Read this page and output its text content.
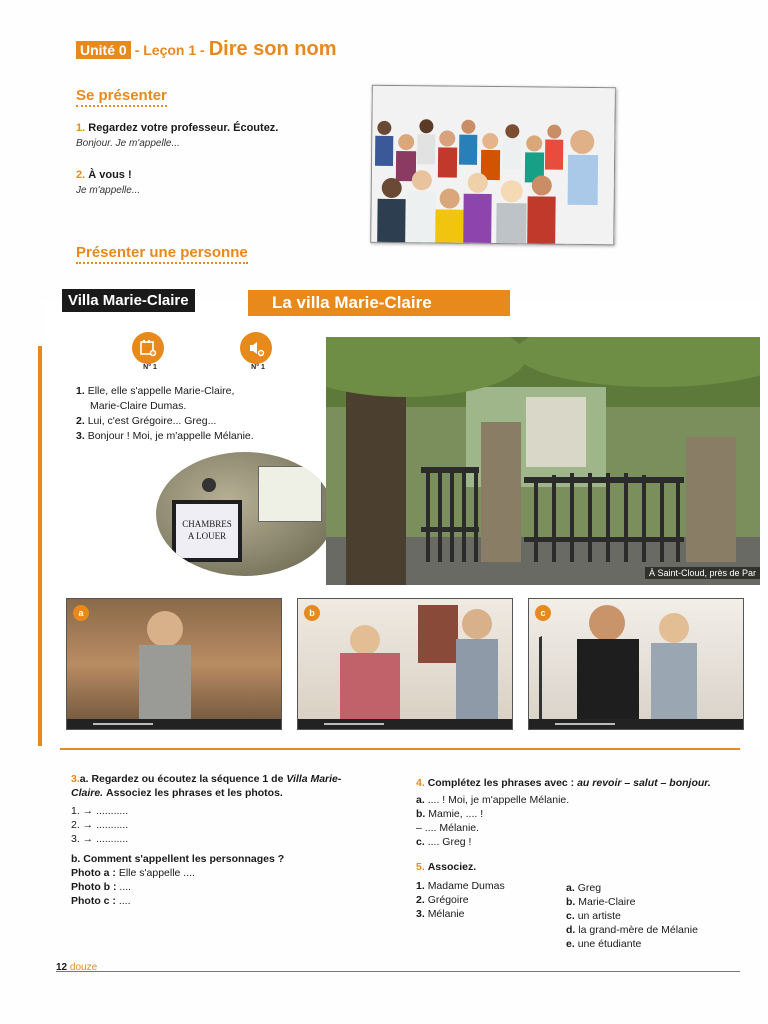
Unité 0 - Leçon 1 - Dire son nom
Se présenter
1. Regardez votre professeur. Écoutez.
Bonjour. Je m'appelle...
2. À vous !
Je m'appelle...
Présenter une personne
Villa Marie-Claire	La villa Marie-Claire
N° 1	N° 1
1. Elle, elle s'appelle Marie-Claire,
Marie-Claire Dumas.
2. Lui, c'est Grégoire... Greg...
3. Bonjour ! Moi, je m'appelle Mélanie.
CHAMBRES
A LOUER
À Saint-Cloud, près de Par
a	b	c
3.a. Regardez ou écoutez la séquence 1 de Villa Marie-Claire. Associez les phrases et les photos.
1. → ...........
2. → ...........
3. → ...........
b. Comment s'appellent les personnages ?
Photo a : Elle s'appelle ....
Photo b : ....
Photo c : ....
4. Complétez les phrases avec : au revoir – salut – bonjour.
a. .... ! Moi, je m'appelle Mélanie.
b. Mamie, .... !
– .... Mélanie.
c. .... Greg !
5. Associez.
1. Madame Dumas
2. Grégoire
3. Mélanie
a. Greg
b. Marie-Claire
c. un artiste
d. la grand-mère de Mélanie
e. une étudiante
12 douze
